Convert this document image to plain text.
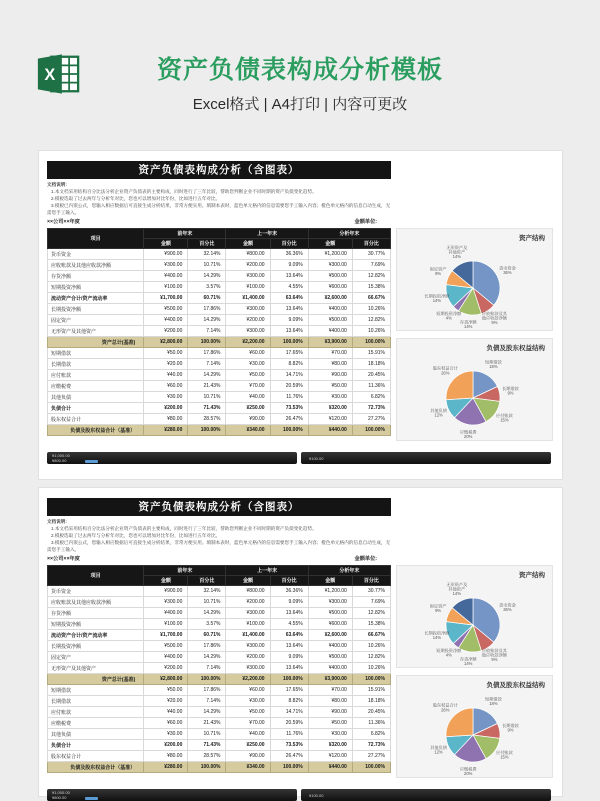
X	资产负债表构成分析模板
Excel格式 | A4打印 | 内容可更改
资产负债表构成分析（含图表）
文档说明:
1.本文档采用结构百分比法分析企业资产负债表的主要构成，同时进行了三年比较，帮助您判断企业不同时期的资产负债变化趋势。
2.模板选取了过去两年与分析年对比，您也可以增加对比年份，比如进行五年对比。
3.模板已内嵌公式，您输入相应数据后可直接生成分析结果，非常方便实用。填制本表时，蓝色单元格内的信息需要您手工输入内容；橙色单元格内的信息自动生成，无需您手工输入。
××公司××年度	金额单位:
项目	前年末		上一年末		分析年末	
	金额	百分比	金额	百分比	金额	百分比
货币资金	¥900.00	32.14%	¥800.00	36.36%	¥1,200.00	30.77%
应收账款及其他应收款净额	¥300.00	10.71%	¥200.00	9.09%	¥300.00	7.69%
存货净额	¥400.00	14.29%	¥300.00	13.64%	¥500.00	12.82%
短期投资净额	¥100.00	3.57%	¥100.00	4.55%	¥600.00	15.38%
流动资产合计/资产流动率	¥1,700.00	60.71%	¥1,400.00	63.64%	¥2,600.00	66.67%
长期投资净额	¥500.00	17.86%	¥300.00	13.64%	¥400.00	10.26%
固定资产	¥400.00	14.29%	¥200.00	9.09%	¥500.00	12.82%
无形资产及其他资产	¥200.00	7.14%	¥300.00	13.64%	¥400.00	10.26%
资产总计(基准)	¥2,800.00	100.00%	¥2,200.00	100.00%	¥3,900.00	100.00%
短期借款	¥50.00	17.86%	¥60.00	17.65%	¥70.00	15.91%
长期借款	¥20.00	7.14%	¥30.00	8.82%	¥80.00	18.18%
应付账款	¥40.00	14.29%	¥50.00	14.71%	¥90.00	20.45%
应缴税费	¥60.00	21.43%	¥70.00	20.59%	¥50.00	11.36%
其他负债	¥30.00	10.71%	¥40.00	11.76%	¥30.00	6.82%
负债合计	¥200.00	71.43%	¥250.00	73.53%	¥320.00	72.73%
股东权益合计	¥80.00	28.57%	¥90.00	26.47%	¥120.00	27.27%
负债及股东权益合计（基准）	¥280.00	100.00%	¥340.00	100.00%	¥440.00	100.00%
资产结构
货币资金 36%
应收账款及其他应收款净额 9%
存货净额 14%
短期投资净额 4%
长期投资净额 14%
固定资产 9%
无形资产及其他资产 14%
负债及股东权益结构
短期借款 18%
长期借款 9%
应付账款 15%
应缴税费 20%
其他负债 12%
股东权益合计 26%
¥1,000.00
¥800.00	¥100.00
资产负债表构成分析（含图表）
文档说明:
1.本文档采用结构百分比法分析企业资产负债表的主要构成，同时进行了三年比较，帮助您判断企业不同时期的资产负债变化趋势。
2.模板选取了过去两年与分析年对比，您也可以增加对比年份，比如进行五年对比。
3.模板已内嵌公式，您输入相应数据后可直接生成分析结果，非常方便实用。填制本表时，蓝色单元格内的信息需要您手工输入内容；橙色单元格内的信息自动生成，无需您手工输入。
××公司××年度	金额单位:
项目	前年末		上一年末		分析年末	
	金额	百分比	金额	百分比	金额	百分比
货币资金	¥900.00	32.14%	¥800.00	36.36%	¥1,200.00	30.77%
应收账款及其他应收款净额	¥300.00	10.71%	¥200.00	9.09%	¥300.00	7.69%
存货净额	¥400.00	14.29%	¥300.00	13.64%	¥500.00	12.82%
短期投资净额	¥100.00	3.57%	¥100.00	4.55%	¥600.00	15.38%
流动资产合计/资产流动率	¥1,700.00	60.71%	¥1,400.00	63.64%	¥2,600.00	66.67%
长期投资净额	¥500.00	17.86%	¥300.00	13.64%	¥400.00	10.26%
固定资产	¥400.00	14.29%	¥200.00	9.09%	¥500.00	12.82%
无形资产及其他资产	¥200.00	7.14%	¥300.00	13.64%	¥400.00	10.26%
资产总计(基准)	¥2,800.00	100.00%	¥2,200.00	100.00%	¥3,900.00	100.00%
短期借款	¥50.00	17.86%	¥60.00	17.65%	¥70.00	15.91%
长期借款	¥20.00	7.14%	¥30.00	8.82%	¥80.00	18.18%
应付账款	¥40.00	14.29%	¥50.00	14.71%	¥90.00	20.45%
应缴税费	¥60.00	21.43%	¥70.00	20.59%	¥50.00	11.36%
其他负债	¥30.00	10.71%	¥40.00	11.76%	¥30.00	6.82%
负债合计	¥200.00	71.43%	¥250.00	73.53%	¥320.00	72.73%
股东权益合计	¥80.00	28.57%	¥90.00	26.47%	¥120.00	27.27%
负债及股东权益合计（基准）	¥280.00	100.00%	¥340.00	100.00%	¥440.00	100.00%
资产结构
货币资金 36%
应收账款及其他应收款净额 9%
存货净额 14%
短期投资净额 4%
长期投资净额 14%
固定资产 9%
无形资产及其他资产 14%
负债及股东权益结构
短期借款 18%
长期借款 9%
应付账款 15%
应缴税费 20%
其他负债 12%
股东权益合计 26%
¥1,000.00
¥800.00	¥100.00
